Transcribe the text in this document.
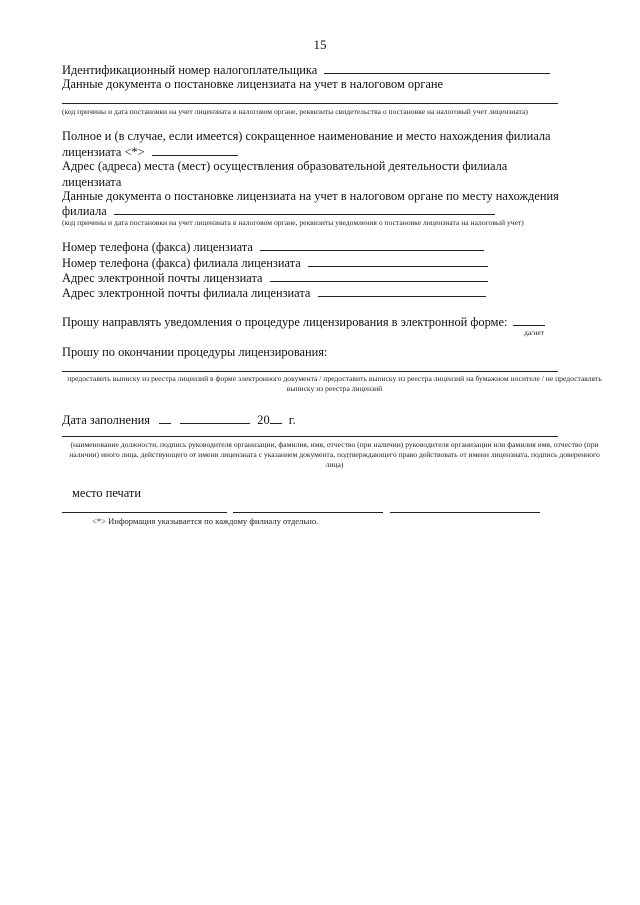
15
Идентификационный номер налогоплательщика
Данные документа о постановке лицензиата на учет в налоговом органе
(код причины и дата постановки на учет лицензиата в налоговом органе, реквизиты свидетельства о постановке на налоговый учет лицензиата)
Полное и (в случае, если имеется) сокращенное наименование и место нахождения филиала
лицензиата <*>
Адрес (адреса) места (мест) осуществления образовательной деятельности филиала
лицензиата
Данные документа о постановке лицензиата на учет в налоговом органе по месту нахождения
филиала
(код причины и дата постановки на учет лицензиата в налоговом органе, реквизиты уведомления о постановке лицензиата на налоговый учет)
Номер телефона (факса) лицензиата
Номер телефона (факса) филиала лицензиата
Адрес электронной почты лицензиата
Адрес электронной почты филиала лицензиата
Прошу направлять уведомления о процедуре лицензирования в электронной форме:
да/нет
Прошу по окончании процедуры лицензирования:
предоставить выписку из реестра лицензий в форме электронного документа / предоставить выписку из реестра лицензий на бумажном носителе / не предоставлять выписку из реестра лицензий
Дата заполнения	20 г.
(наименование должности, подпись руководителя организации, фамилия, имя, отчество (при наличии) руководителя организации или фамилия имя, отчество (при наличии) иного лица, действующего от имени лицензиата с указанием документа, подтверждающего право действовать от имени лицензиата, подпись доверенного лица)
место печати
<*> Информация указывается по каждому филиалу отдельно.
